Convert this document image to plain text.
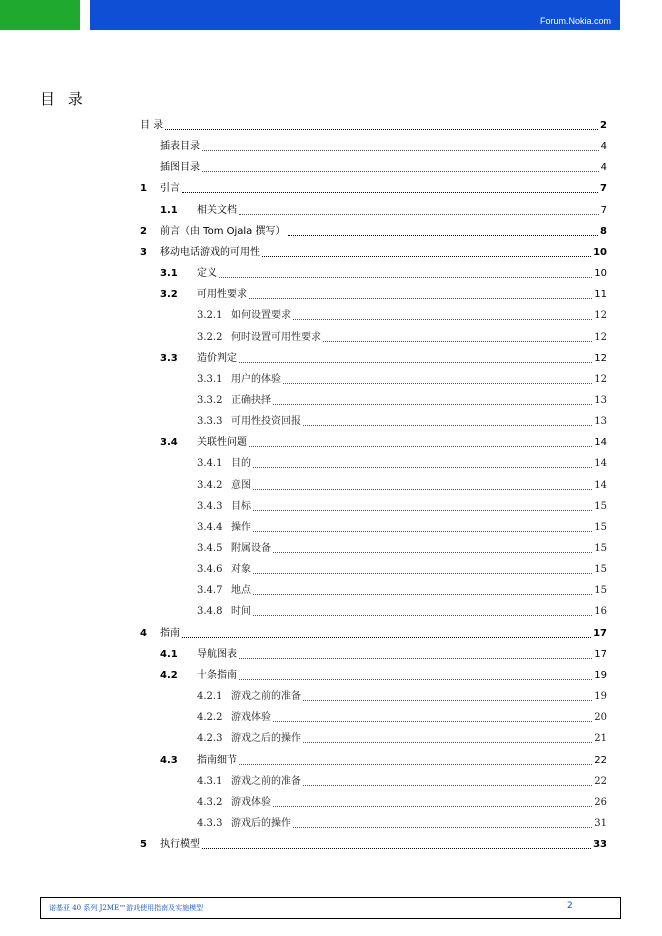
Forum.Nokia.com
目 录
目 录	2
插表目录	4
插图目录	4
1 引言	7
1.1 相关文档	7
2 前言（由 Tom Ojala 撰写）	8
3 移动电话游戏的可用性	10
3.1 定义	10
3.2 可用性要求	11
3.2.1 如何设置要求	12
3.2.2 何时设置可用性要求	12
3.3 造价判定	12
3.3.1 用户的体验	12
3.3.2 正确抉择	13
3.3.3 可用性投资回报	13
3.4 关联性问题	14
3.4.1 目的	14
3.4.2 意图	14
3.4.3 目标	15
3.4.4 操作	15
3.4.5 附属设备	15
3.4.6 对象	15
3.4.7 地点	15
3.4.8 时间	16
4 指南	17
4.1 导航图表	17
4.2 十条指南	19
4.2.1 游戏之前的准备	19
4.2.2 游戏体验	20
4.2.3 游戏之后的操作	21
4.3 指南细节	22
4.3.1 游戏之前的准备	22
4.3.2 游戏体验	26
4.3.3 游戏后的操作	31
5 执行模型	33
诺基亚 40 系列 J2ME™游戏使用指南及实施模型	2
